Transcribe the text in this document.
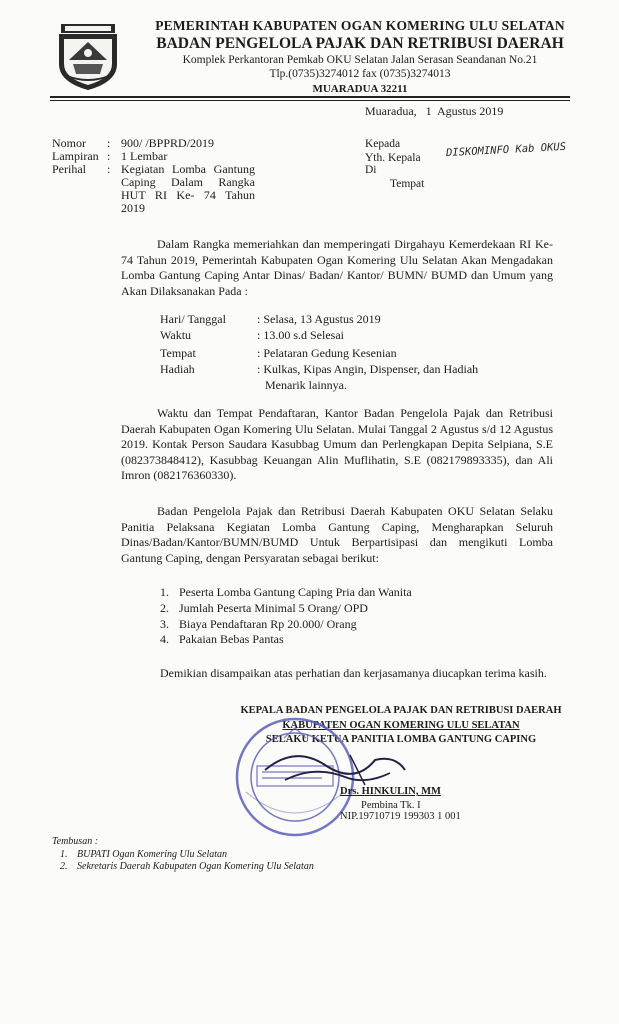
PEMERINTAH KABUPATEN OGAN KOMERING ULU SELATAN
BADAN PENGELOLA PAJAK DAN RETRIBUSI DAERAH
Komplek Perkantoran Pemkab OKU Selatan Jalan Serasan Seandanan No.21
Tlp.(0735)3274012 fax (0735)3274013
MUARADUA 32211
Muaradua,   1  Agustus 2019
Nomor : 900/ /BPPRD/2019
Lampiran : 1 Lembar
Perihal : Kegiatan Lomba Gantung Caping Dalam Rangka HUT RI Ke- 74 Tahun 2019
Kepada
Yth. Kepala DISKOMINFO Kab OKUS
Di
Tempat
Dalam Rangka memeriahkan dan memperingati Dirgahayu Kemerdekaan RI Ke-74 Tahun 2019, Pemerintah Kabupaten Ogan Komering Ulu Selatan Akan Mengadakan Lomba Gantung Caping Antar Dinas/ Badan/ Kantor/ BUMN/ BUMD dan Umum yang Akan Dilaksanakan Pada :
Hari/ Tanggal	: Selasa, 13 Agustus 2019
Waktu	: 13.00 s.d Selesai
Tempat	: Pelataran Gedung Kesenian
Hadiah	: Kulkas, Kipas Angin, Dispenser, dan Hadiah
Menarik lainnya.
Waktu dan Tempat Pendaftaran, Kantor Badan Pengelola Pajak dan Retribusi Daerah Kabupaten Ogan Komering Ulu Selatan. Mulai Tanggal 2 Agustus s/d 12 Agustus 2019. Kontak Person Saudara Kasubbag Umum dan Perlengkapan Depita Selpiana, S.E (082373848412), Kasubbag Keuangan Alin Muflihatin, S.E (082179893335), dan Ali Imron (082176360330).
Badan Pengelola Pajak dan Retribusi Daerah Kabupaten OKU Selatan Selaku Panitia Pelaksana Kegiatan Lomba Gantung Caping, Mengharapkan Seluruh Dinas/Badan/Kantor/BUMN/BUMD Untuk Berpartisipasi dan mengikuti Lomba Gantung Caping, dengan Persyaratan sebagai berikut:
1. Peserta Lomba Gantung Caping Pria dan Wanita
2. Jumlah Peserta Minimal 5 Orang/ OPD
3. Biaya Pendaftaran Rp 20.000/ Orang
4. Pakaian Bebas Pantas
Demikian disampaikan atas perhatian dan kerjasamanya diucapkan terima kasih.
KEPALA BADAN PENGELOLA PAJAK DAN RETRIBUSI DAERAH
KABUPATEN OGAN KOMERING ULU SELATAN
SELAKU KETUA PANITIA LOMBA GANTUNG CAPING
Drs. HINKULIN, MM
Pembina Tk. I
NIP.19710719 199303 1 001
Tembusan :
1. BUPATI Ogan Komering Ulu Selatan
2. Sekretaris Daerah Kabupaten Ogan Komering Ulu Selatan
